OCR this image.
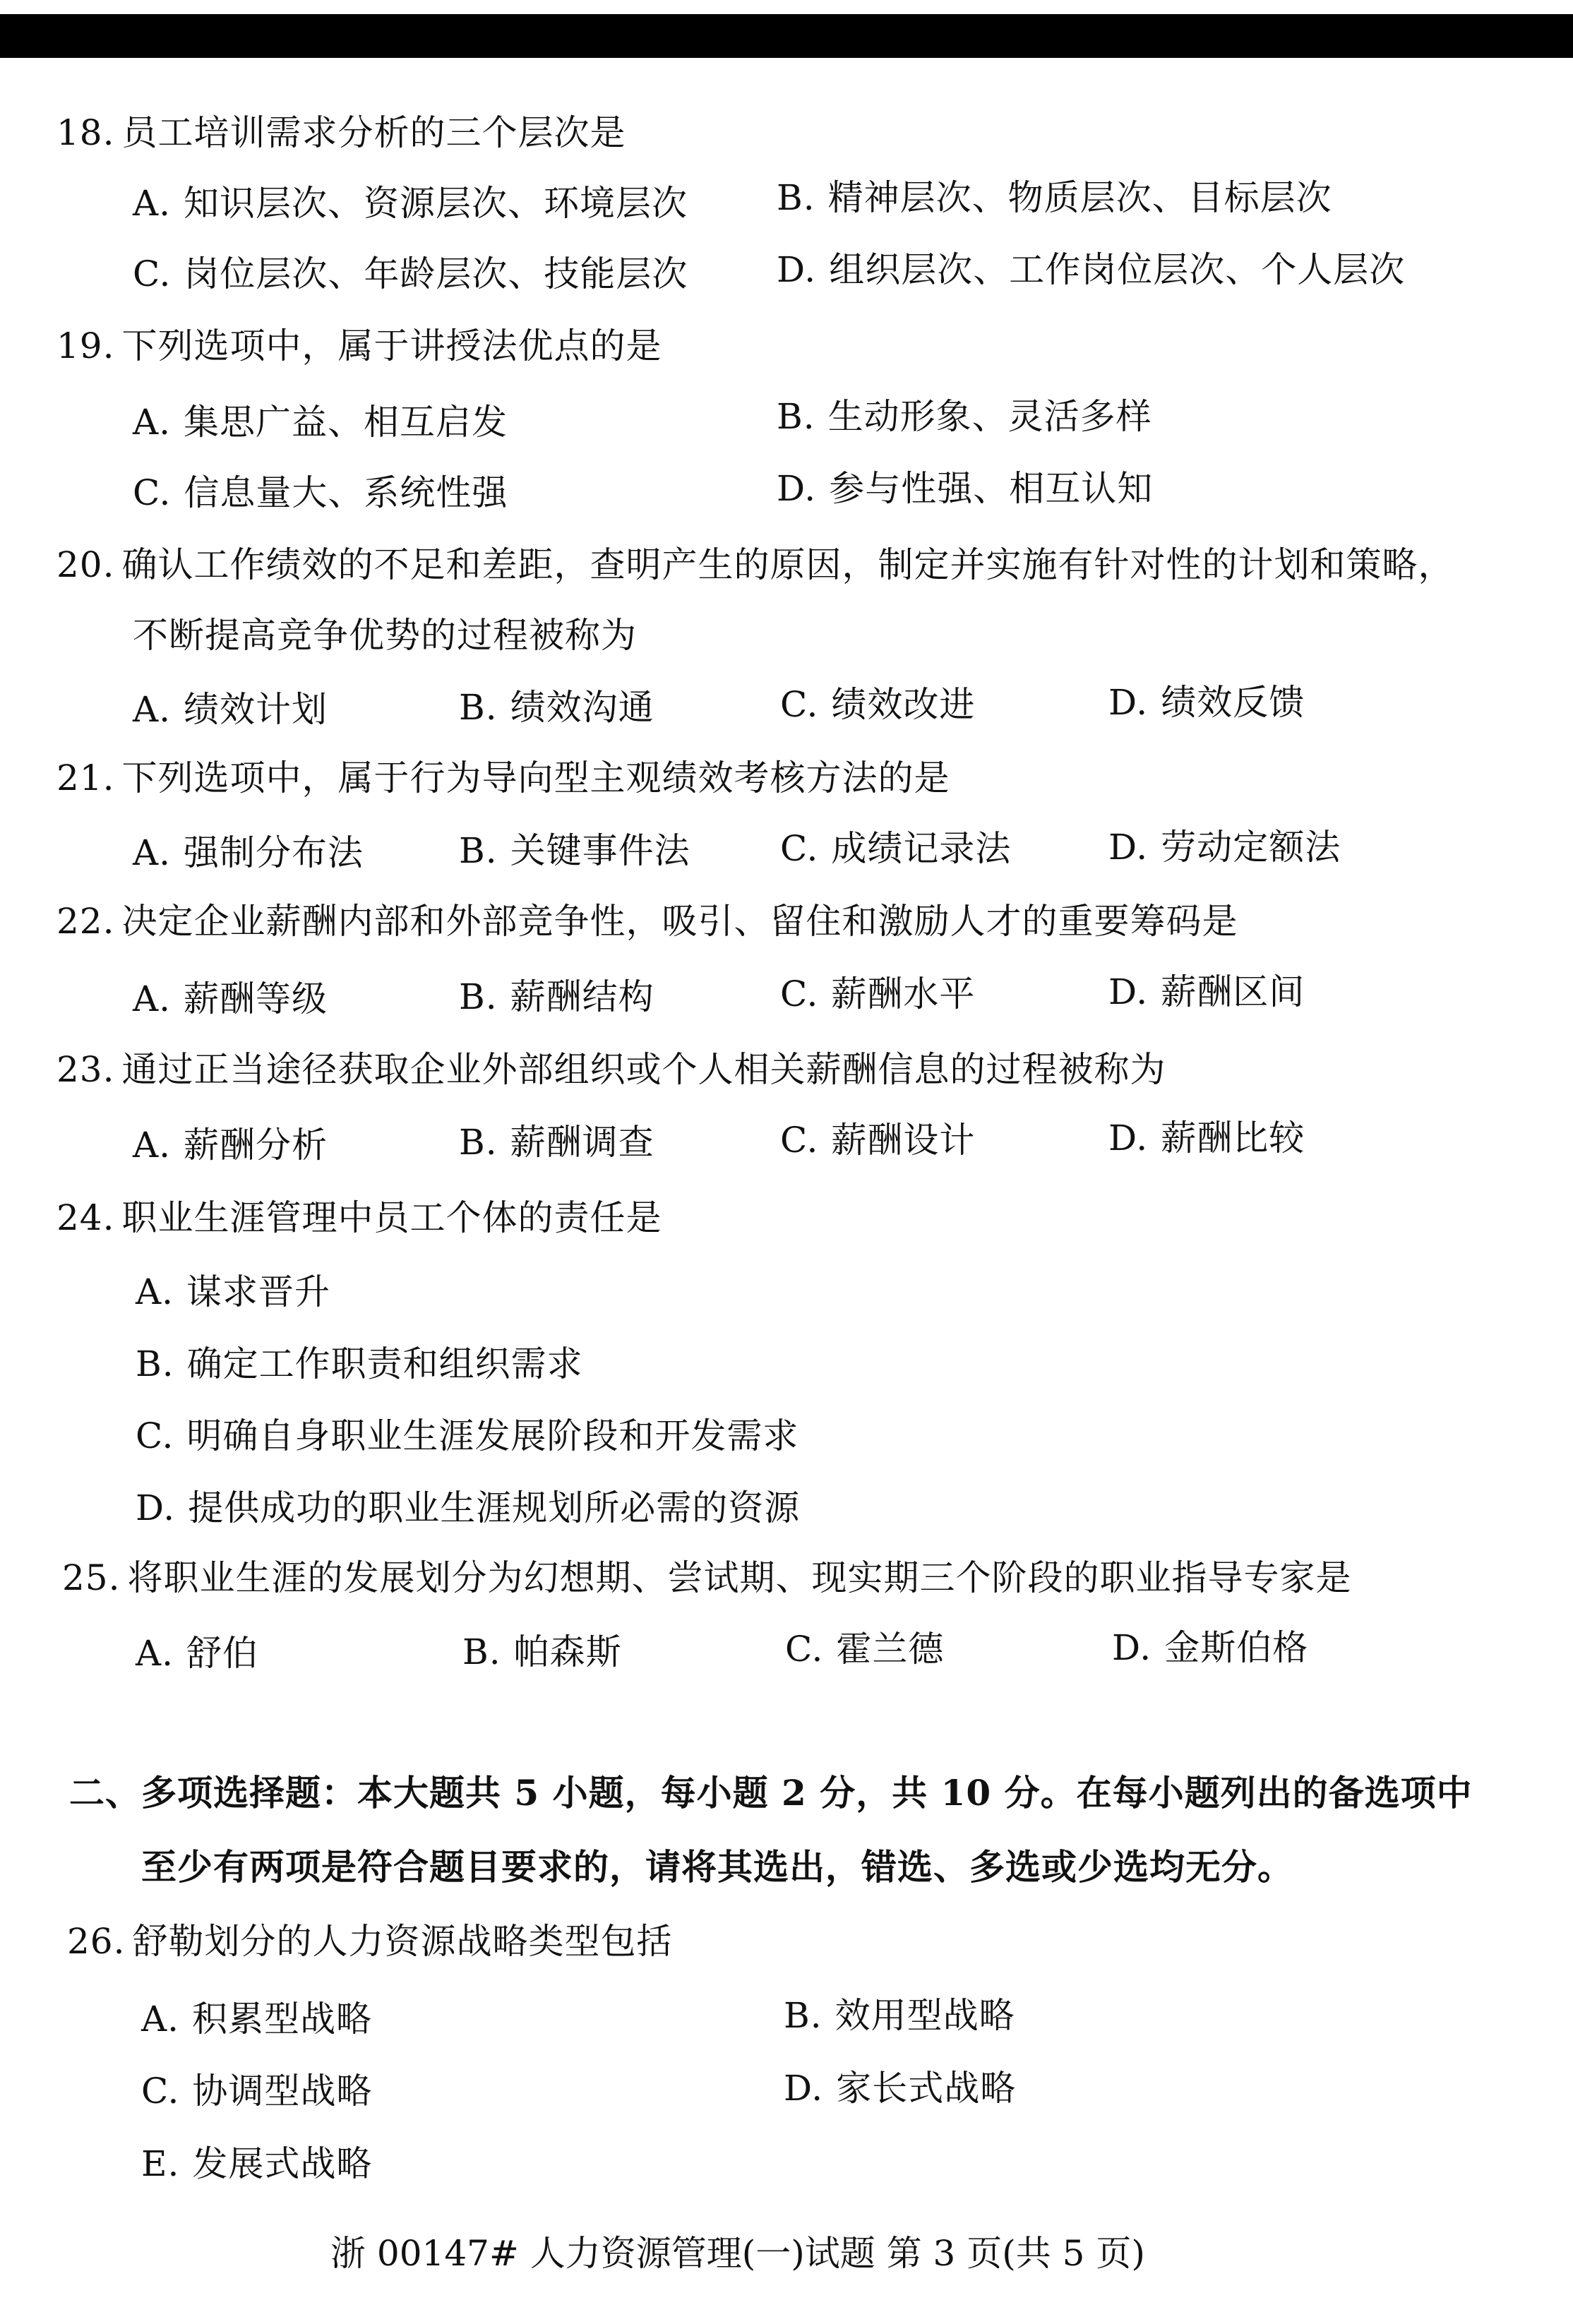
18. 员工培训需求分析的三个层次是
A. 知识层次、资源层次、环境层次	B. 精神层次、物质层次、目标层次
C. 岗位层次、年龄层次、技能层次	D. 组织层次、工作岗位层次、个人层次
19. 下列选项中，属于讲授法优点的是
A. 集思广益、相互启发	B. 生动形象、灵活多样
C. 信息量大、系统性强	D. 参与性强、相互认知
20. 确认工作绩效的不足和差距，查明产生的原因，制定并实施有针对性的计划和策略，
不断提高竞争优势的过程被称为
A. 绩效计划	B. 绩效沟通	C. 绩效改进	D. 绩效反馈
21. 下列选项中，属于行为导向型主观绩效考核方法的是
A. 强制分布法	B. 关键事件法	C. 成绩记录法	D. 劳动定额法
22. 决定企业薪酬内部和外部竞争性，吸引、留住和激励人才的重要筹码是
A. 薪酬等级	B. 薪酬结构	C. 薪酬水平	D. 薪酬区间
23. 通过正当途径获取企业外部组织或个人相关薪酬信息的过程被称为
A. 薪酬分析	B. 薪酬调查	C. 薪酬设计	D. 薪酬比较
24. 职业生涯管理中员工个体的责任是
A. 谋求晋升
B. 确定工作职责和组织需求
C. 明确自身职业生涯发展阶段和开发需求
D. 提供成功的职业生涯规划所必需的资源
25. 将职业生涯的发展划分为幻想期、尝试期、现实期三个阶段的职业指导专家是
A. 舒伯	B. 帕森斯	C. 霍兰德	D. 金斯伯格
二、多项选择题：本大题共 5 小题，每小题 2 分，共 10 分。在每小题列出的备选项中
至少有两项是符合题目要求的，请将其选出，错选、多选或少选均无分。
26. 舒勒划分的人力资源战略类型包括
A. 积累型战略	B. 效用型战略
C. 协调型战略	D. 家长式战略
E. 发展式战略
浙 00147# 人力资源管理(一)试题 第 3 页(共 5 页)
